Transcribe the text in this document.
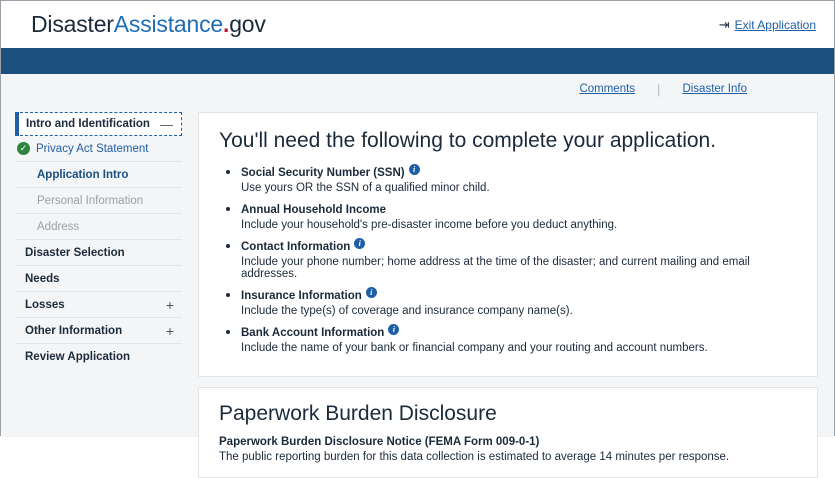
DisasterAssistance.gov	⇥ Exit Application
Comments	|	Disaster Info
Intro and Identification —
✓ Privacy Act Statement
Application Intro
Personal Information
Address
Disaster Selection
Needs
Losses	+
Other Information	+
Review Application
You'll need the following to complete your application.
• Social Security Number (SSN) i
Use yours OR the SSN of a qualified minor child.
• Annual Household Income
Include your household's pre-disaster income before you deduct anything.
• Contact Information i
Include your phone number; home address at the time of the disaster; and current mailing and email addresses.
• Insurance Information i
Include the type(s) of coverage and insurance company name(s).
• Bank Account Information i
Include the name of your bank or financial company and your routing and account numbers.
Paperwork Burden Disclosure
Paperwork Burden Disclosure Notice (FEMA Form 009-0-1)
The public reporting burden for this data collection is estimated to average 14 minutes per response.
